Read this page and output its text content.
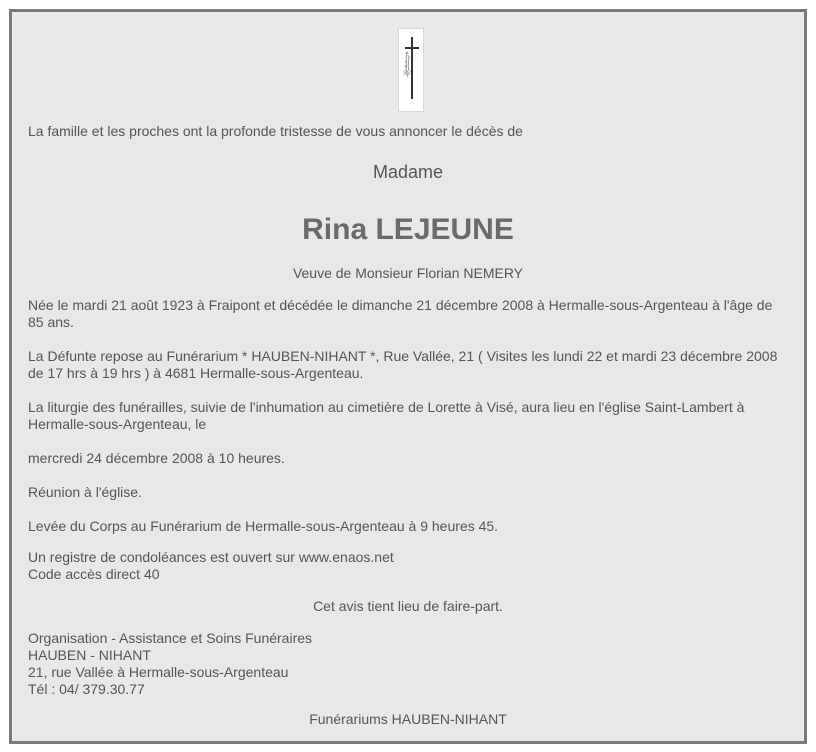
SV

La famille et les proches ont la profonde tristesse de vous annoncer le décès de

Madame

Rina LEJEUNE

Veuve de Monsieur Florian NEMERY

Née le mardi 21 août 1923 à Fraipont et décédée le dimanche 21 décembre 2008 à Hermalle-sous-Argenteau à l'âge de 85 ans.

La Défunte repose au Funérarium * HAUBEN-NIHANT *, Rue Vallée, 21 ( Visites les lundi 22 et mardi 23 décembre 2008 de 17 hrs à 19 hrs ) à 4681 Hermalle-sous-Argenteau.

La liturgie des funérailles, suivie de l'inhumation au cimetière de Lorette à Visé, aura lieu en l'église Saint-Lambert à Hermalle-sous-Argenteau, le

mercredi 24 décembre 2008 à 10 heures.

Réunion à l'église.

Levée du Corps au Funérarium de Hermalle-sous-Argenteau à 9 heures 45.

Un registre de condoléances est ouvert sur www.enaos.net
Code accès direct 40

Cet avis tient lieu de faire-part.

Organisation - Assistance et Soins Funéraires
HAUBEN - NIHANT
21, rue Vallée à Hermalle-sous-Argenteau
Tél : 04/ 379.30.77

Funérariums HAUBEN-NIHANT
